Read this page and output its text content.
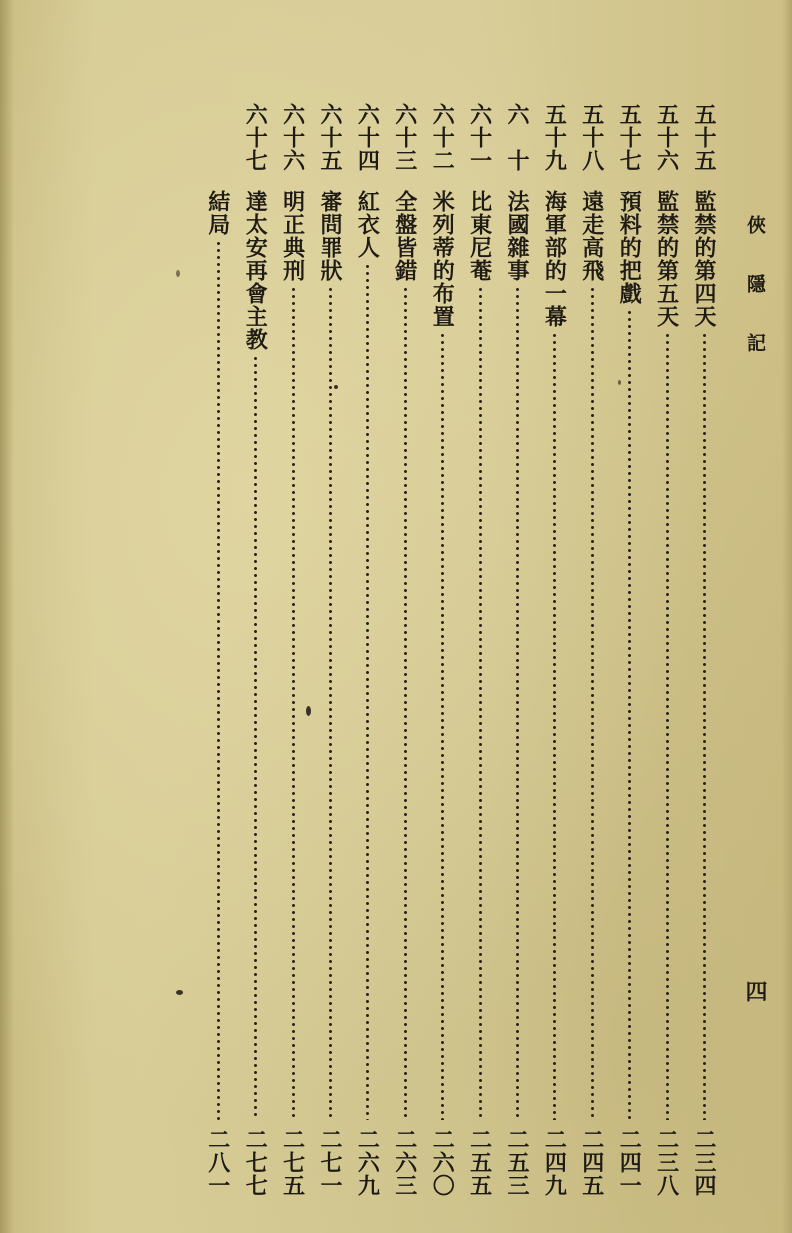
俠隱記
四
五十五
監禁的第四天
二三四
五十六
監禁的第五天
二三八
五十七
預料的把戲
二四一
五十八
遠走高飛
二四五
五十九
海軍部的一幕
二四九
六十
法國雜事
二五三
六十一
比東尼菴
二五五
六十二
米列蒂的布置
二六〇
六十三
全盤皆錯
二六三
六十四
紅衣人
二六九
六十五
審問罪狀
二七一
六十六
明正典刑
二七五
六十七
達太安再會主教
二七七
結局
二八一
